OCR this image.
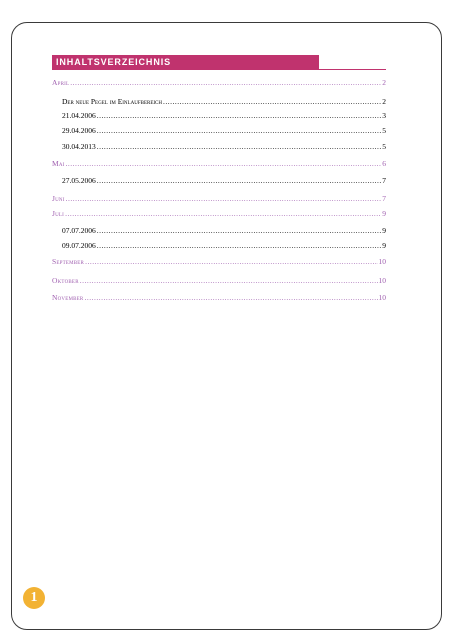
INHALTSVERZEICHNIS
April .....	2
Der neue Pegel im Einlaufbereich .....	2
21.04.2006 .....	3
29.04.2006 .....	5
30.04.2013 .....	5
Mai .....	6
27.05.2006 .....	7
Juni .....	7
Juli .....	9
07.07.2006 .....	9
09.07.2006 .....	9
September .....	10
Oktober .....	10
November .....	10
1
